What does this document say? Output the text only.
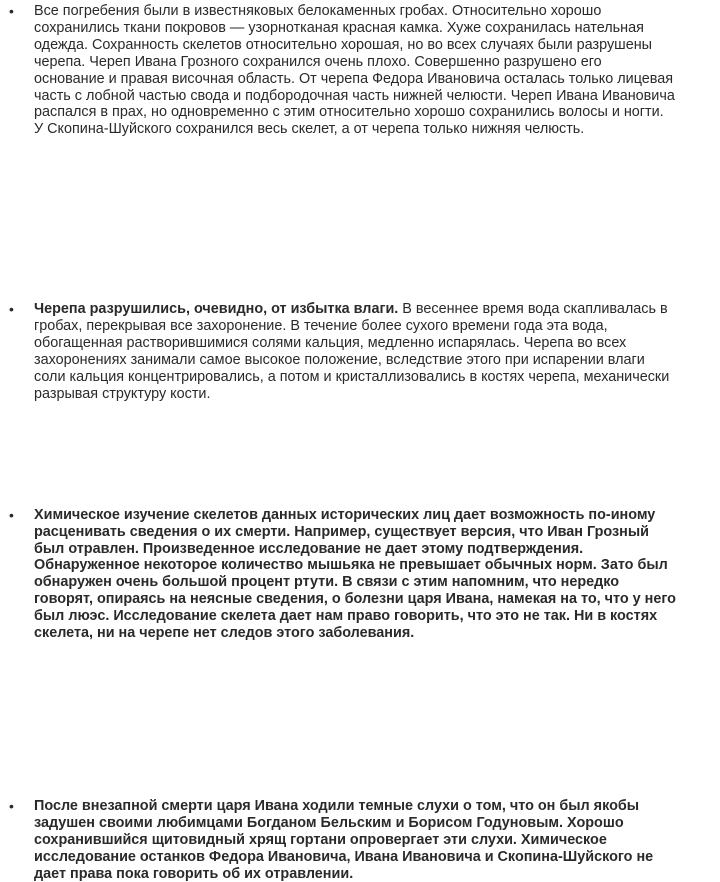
• Все погребения были в известняковых белокаменных гробах. Относительно хорошо сохранились ткани покровов — узорнотканая красная камка. Хуже сохранилась нательная одежда. Сохранность скелетов относительно хорошая, но во всех случаях были разрушены черепа. Череп Ивана Грозного сохранился очень плохо. Совершенно разрушено его основание и правая височная область. От черепа Федора Ивановича осталась только лицевая часть с лобной частью свода и подбородочная часть нижней челюсти. Череп Ивана Ивановича распался в прах, но одновременно с этим относительно хорошо сохранились волосы и ногти. У Скопина-Шуйского сохранился весь скелет, а от черепа только нижняя челюсть.
• Черепа разрушились, очевидно, от избытка влаги. В весеннее время вода скапливалась в гробах, перекрывая все захоронение. В течение более сухого времени года эта вода, обогащенная растворившимися солями кальция, медленно испарялась. Черепа во всех захоронениях занимали самое высокое положение, вследствие этого при испарении влаги соли кальция концентрировались, а потом и кристаллизовались в костях черепа, механически разрывая структуру кости.
• Химическое изучение скелетов данных исторических лиц дает возможность по-иному расценивать сведения о их смерти. Например, существует версия, что Иван Грозный был отравлен. Произведенное исследование не дает этому подтверждения. Обнаруженное некоторое количество мышьяка не превышает обычных норм. Зато был обнаружен очень большой процент ртути. В связи с этим напомним, что нередко говорят, опираясь на неясные сведения, о болезни царя Ивана, намекая на то, что у него был люэс. Исследование скелета дает нам право говорить, что это не так. Ни в костях скелета, ни на черепе нет следов этого заболевания.
• После внезапной смерти царя Ивана ходили темные слухи о том, что он был якобы задушен своими любимцами Богданом Бельским и Борисом Годуновым. Хорошо сохранившийся щитовидный хрящ гортани опровергает эти слухи. Химическое исследование останков Федора Ивановича, Ивана Ивановича и Скопина-Шуйского не дает права пока говорить об их отравлении.
